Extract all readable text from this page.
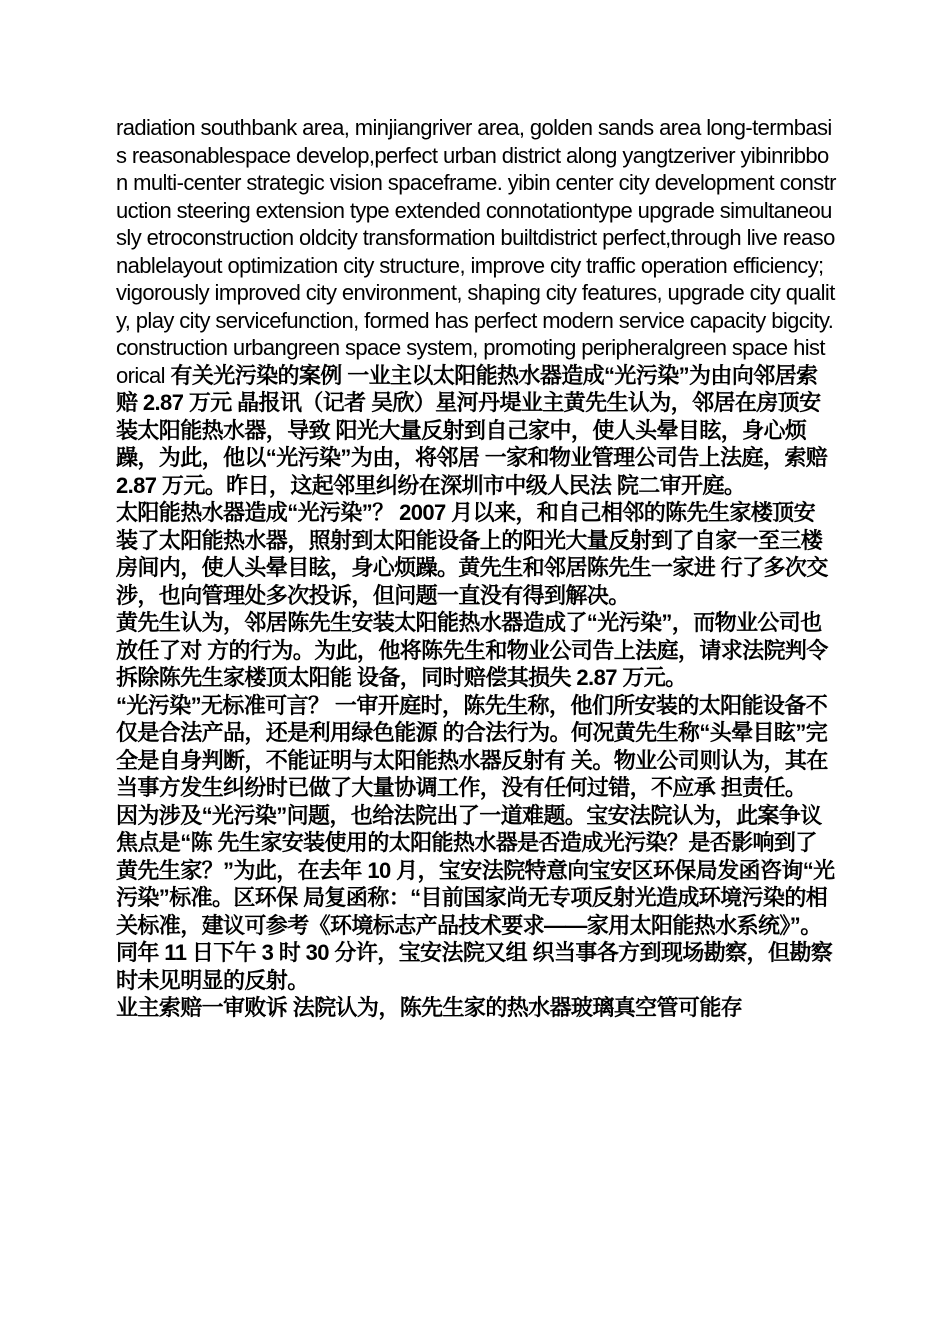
radiation southbank area, minjiangriver area, golden sands area long-termbasis reasonablespace develop,perfect urban district along yangtzeriver yibinribbon multi-center strategic vision spaceframe. yibin center city development construction steering extension type extended connotationtype upgrade simultaneously etroconstruction oldcity transformation builtdistrict perfect,through live reasonablelayout optimization city structure, improve city traffic operation efficiency; vigorously improved city environment, shaping city features, upgrade city quality, play city servicefunction, formed has perfect modern service capacity bigcity. construction urbangreen space system, promoting peripheralgreen space historical 有关光污染的案例 一业主以太阳能热水器造成“光污染”为由向邻居索赔 2.87 万元 晶报讯（记者 吴欣）星河丹堤业主黄先生认为，邻居在房顶安装太阳能热水器，导致 阳光大量反射到自己家中，使人头晕目眩，身心烦躁，为此，他以“光污染”为由，将邻居 一家和物业管理公司告上法庭，索赔 2.87 万元。昨日，这起邻里纠纷在深圳市中级人民法 院二审开庭。

太阳能热水器造成“光污染”？ 2007 月以来，和自己相邻的陈先生家楼顶安装了太阳能热水器，照射到太阳能设备上的阳光大量反射到了自家一至三楼房间内，使人头晕目眩，身心烦躁。黄先生和邻居陈先生一家进 行了多次交涉，也向管理处多次投诉，但问题一直没有得到解决。

黄先生认为，邻居陈先生安装太阳能热水器造成了“光污染”，而物业公司也放任了对 方的行为。为此，他将陈先生和物业公司告上法庭，请求法院判令拆除陈先生家楼顶太阳能 设备，同时赔偿其损失 2.87 万元。

“光污染”无标准可言？ 一审开庭时，陈先生称，他们所安装的太阳能设备不仅是合法产品，还是利用绿色能源 的合法行为。何况黄先生称“头晕目眩”完全是自身判断，不能证明与太阳能热水器反射有 关。物业公司则认为，其在当事方发生纠纷时已做了大量协调工作，没有任何过错，不应承 担责任。

因为涉及“光污染”问题，也给法院出了一道难题。宝安法院认为，此案争议焦点是“陈 先生家安装使用的太阳能热水器是否造成光污染？是否影响到了黄先生家？”为此，在去年 10 月，宝安法院特意向宝安区环保局发函咨询“光污染”标准。区环保 局复函称：“目前国家尚无专项反射光造成环境污染的相关标准，建议可参考《环境标志产品技术要求——家用太阳能热水系统》”。同年 11 日下午 3 时 30 分许，宝安法院又组 织当事各方到现场勘察，但勘察时未见明显的反射。

业主索赔一审败诉 法院认为，陈先生家的热水器玻璃真空管可能存
